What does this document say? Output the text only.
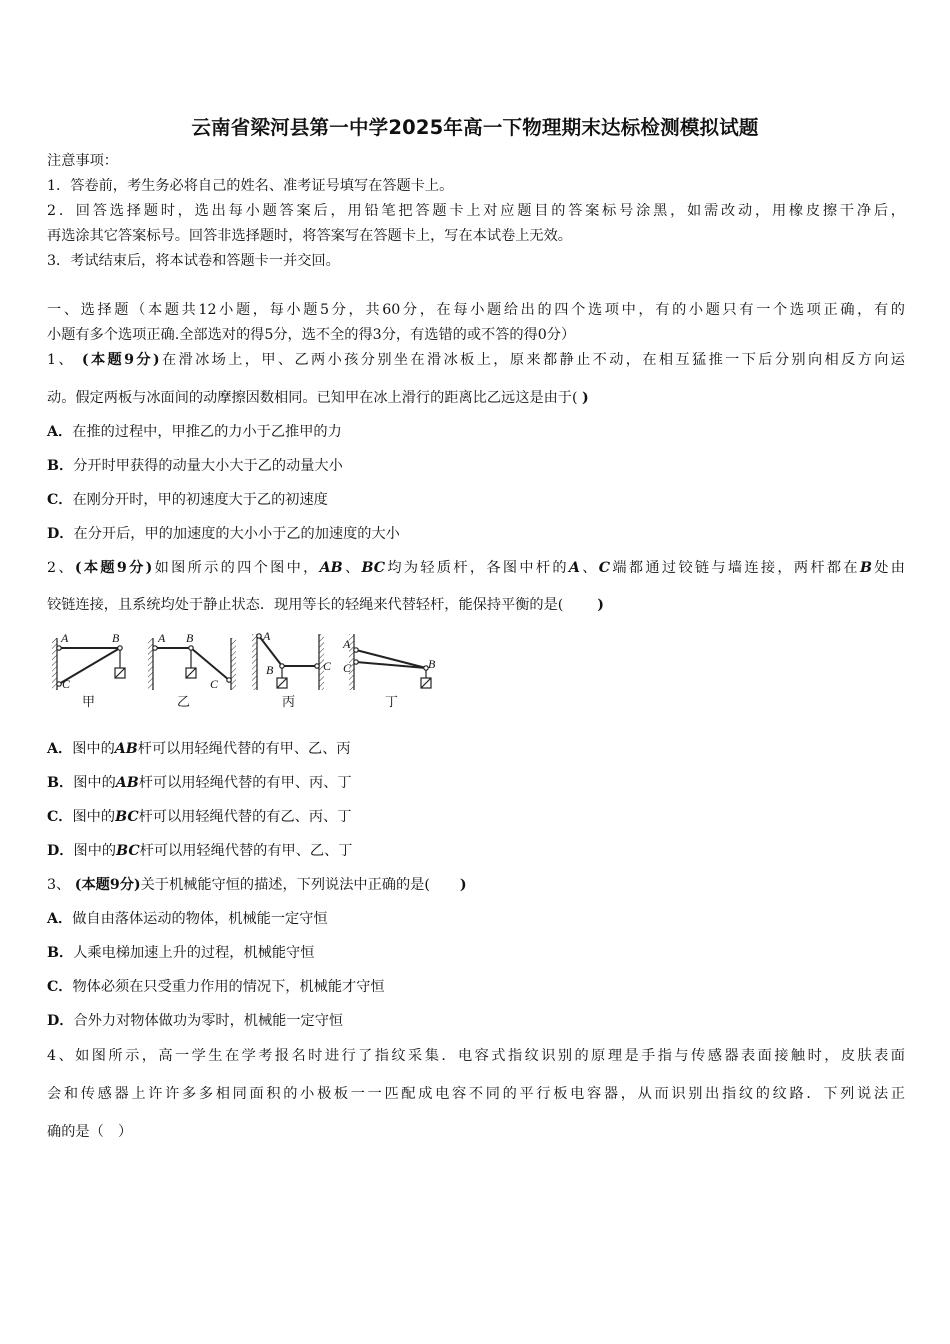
云南省梁河县第一中学2025年高一下物理期末达标检测模拟试题
注意事项：
1．答卷前，考生务必将自己的姓名、准考证号填写在答题卡上。
2．回答选择题时，选出每小题答案后，用铅笔把答题卡上对应题目的答案标号涂黑，如需改动，用橡皮擦干净后，
再选涂其它答案标号。回答非选择题时，将答案写在答题卡上，写在本试卷上无效。
3．考试结束后，将本试卷和答题卡一并交回。
一、选择题（本题共12小题，每小题5分，共60分，在每小题给出的四个选项中，有的小题只有一个选项正确，有的
小题有多个选项正确.全部选对的得5分，选不全的得3分，有选错的或不答的得0分）
1、 (本题9分)在滑冰场上，甲、乙两小孩分别坐在滑冰板上，原来都静止不动，在相互猛推一下后分别向相反方向运
动。假定两板与冰面间的动摩擦因数相同。已知甲在冰上滑行的距离比乙远这是由于( )
A．在推的过程中，甲推乙的力小于乙推甲的力
B．分开时甲获得的动量大小大于乙的动量大小
C．在刚分开时，甲的初速度大于乙的初速度
D．在分开后，甲的加速度的大小小于乙的加速度的大小
2、(本题9分)如图所示的四个图中，AB、BC均为轻质杆，各图中杆的A、C端都通过铰链与墙连接，两杆都在B处由
铰链连接，且系统均处于静止状态．现用等长的轻绳来代替轻杆，能保持平衡的是( )
A	B
C
A B
C
A
B	C
A
C	B
甲	乙	丙	丁
A．图中的AB杆可以用轻绳代替的有甲、乙、丙
B．图中的AB杆可以用轻绳代替的有甲、丙、丁
C．图中的BC杆可以用轻绳代替的有乙、丙、丁
D．图中的BC杆可以用轻绳代替的有甲、乙、丁
3、 (本题9分)关于机械能守恒的描述，下列说法中正确的是( )
A．做自由落体运动的物体，机械能一定守恒
B．人乘电梯加速上升的过程，机械能守恒
C．物体必须在只受重力作用的情况下，机械能才守恒
D．合外力对物体做功为零时，机械能一定守恒
4、如图所示，高一学生在学考报名时进行了指纹采集．电容式指纹识别的原理是手指与传感器表面接触时，皮肤表面
会和传感器上许许多多相同面积的小极板一一匹配成电容不同的平行板电容器，从而识别出指纹的纹路．下列说法正
确的是（　）
